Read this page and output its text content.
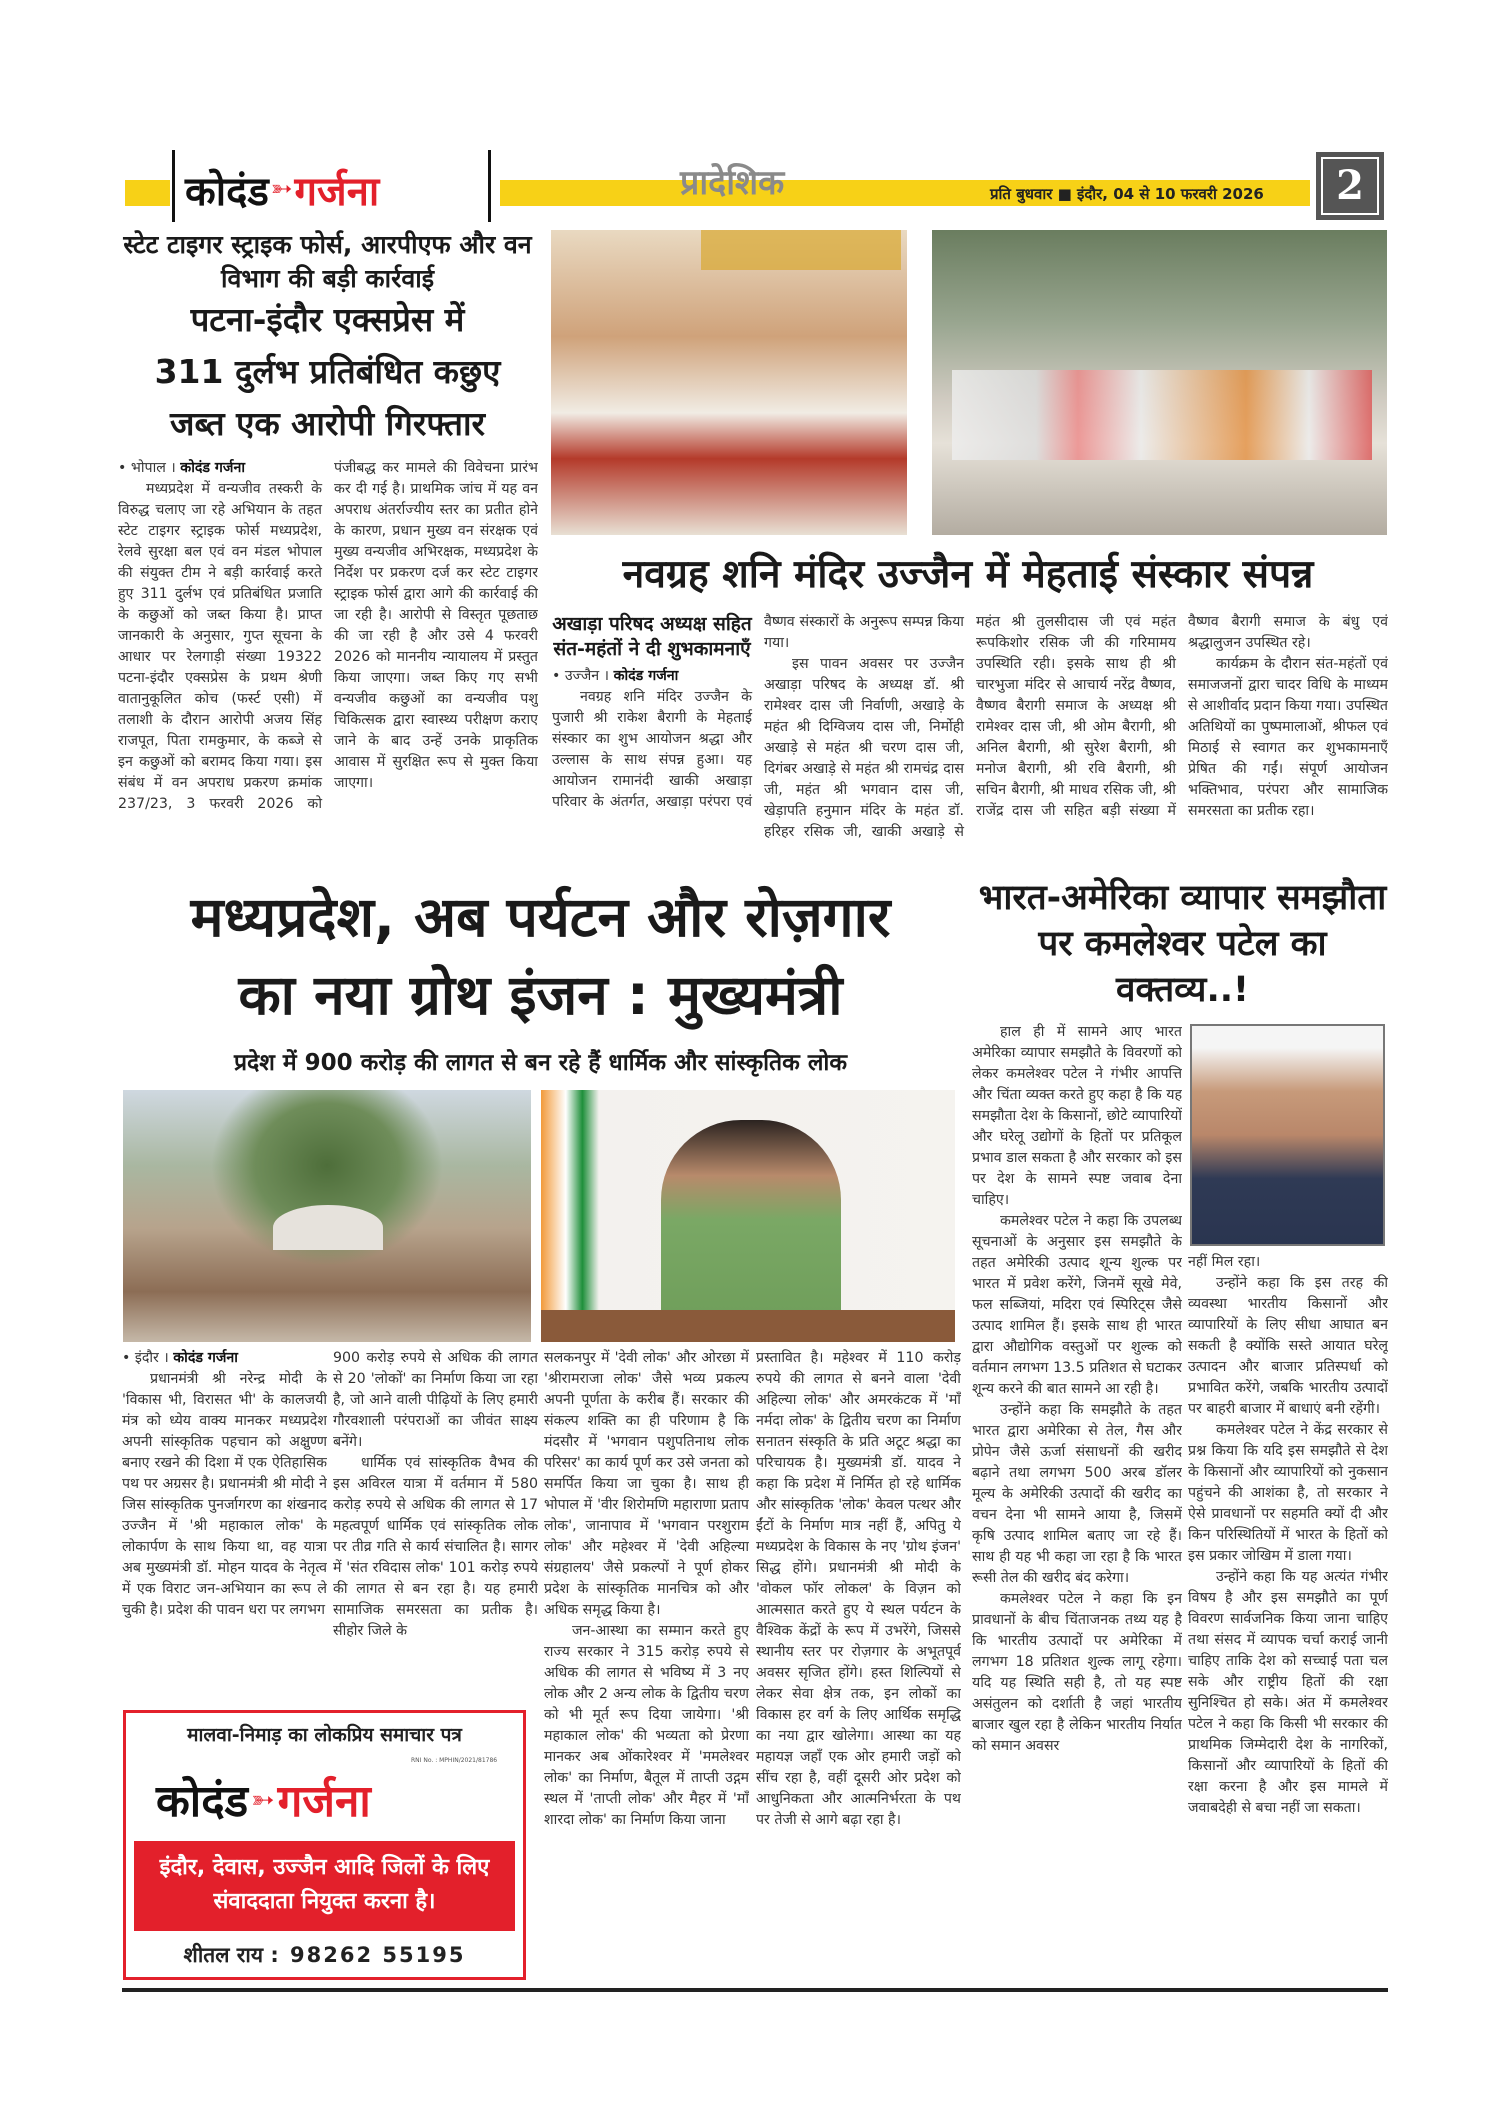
कोदंड ➳ गर्जना	प्रादेशिक	प्रति बुधवार ■ इंदौर, 04 से 10 फरवरी 2026	2
स्टेट टाइगर स्ट्राइक फोर्स, आरपीएफ और वन विभाग की बड़ी कार्रवाई
पटना-इंदौर एक्सप्रेस में
311 दुर्लभ प्रतिबंधित कछुए
जब्त एक आरोपी गिरफ्तार

• भोपाल । कोदंड गर्जना

मध्यप्रदेश में वन्यजीव तस्करी के विरुद्ध चलाए जा रहे अभियान के तहत स्टेट टाइगर स्ट्राइक फोर्स मध्यप्रदेश, रेलवे सुरक्षा बल एवं वन मंडल भोपाल की संयुक्त टीम ने बड़ी कार्रवाई करते हुए 311 दुर्लभ एवं प्रतिबंधित प्रजाति के कछुओं को जब्त किया है। प्राप्त जानकारी के अनुसार, गुप्त सूचना के आधार पर रेलगाड़ी संख्या 19322 पटना-इंदौर एक्सप्रेस के प्रथम श्रेणी वातानुकूलित कोच (फर्स्ट एसी) में तलाशी के दौरान आरोपी अजय सिंह राजपूत, पिता रामकुमार, के कब्जे से इन कछुओं को बरामद किया गया। इस संबंध में वन अपराध प्रकरण क्रमांक 237/23, 3 फरवरी 2026 को पंजीबद्ध कर मामले की विवेचना प्रारंभ कर दी गई है। प्राथमिक जांच में यह वन अपराध अंतर्राज्यीय स्तर का प्रतीत होने के कारण, प्रधान मुख्य वन संरक्षक एवं मुख्य वन्यजीव अभिरक्षक, मध्यप्रदेश के निर्देश पर प्रकरण दर्ज कर स्टेट टाइगर स्ट्राइक फोर्स द्वारा आगे की कार्रवाई की जा रही है। आरोपी से विस्तृत पूछताछ की जा रही है और उसे 4 फरवरी 2026 को माननीय न्यायालय में प्रस्तुत किया जाएगा। जब्त किए गए सभी वन्यजीव कछुओं का वन्यजीव पशु चिकित्सक द्वारा स्वास्थ्य परीक्षण कराए जाने के बाद उन्हें उनके प्राकृतिक आवास में सुरक्षित रूप से मुक्त किया जाएगा।

नवग्रह शनि मंदिर उज्जैन में मेहताई संस्कार संपन्न
अखाड़ा परिषद अध्यक्ष सहित संत-महंतों ने दी शुभकामनाएँ

• उज्जैन । कोदंड गर्जना

नवग्रह शनि मंदिर उज्जैन के पुजारी श्री राकेश बैरागी के मेहताई संस्कार का शुभ आयोजन श्रद्धा और उल्लास के साथ संपन्न हुआ। यह आयोजन रामानंदी खाकी अखाड़ा परिवार के अंतर्गत, अखाड़ा परंपरा एवं वैष्णव संस्कारों के अनुरूप सम्पन्न किया गया।

इस पावन अवसर पर उज्जैन अखाड़ा परिषद के अध्यक्ष डॉ. श्री रामेश्वर दास जी निर्वाणी, अखाड़े के महंत श्री दिग्विजय दास जी, निर्मोही अखाड़े से महंत श्री चरण दास जी, दिगंबर अखाड़े से महंत श्री रामचंद्र दास जी, महंत श्री भगवान दास जी, खेड़ापति हनुमान मंदिर के महंत डॉ. हरिहर रसिक जी, खाकी अखाड़े से महंत श्री तुलसीदास जी एवं महंत रूपकिशोर रसिक जी की गरिमामय उपस्थिति रही। इसके साथ ही श्री चारभुजा मंदिर से आचार्य नरेंद्र वैष्णव, वैष्णव बैरागी समाज के अध्यक्ष श्री रामेश्वर दास जी, श्री ओम बैरागी, श्री अनिल बैरागी, श्री सुरेश बैरागी, श्री मनोज बैरागी, श्री रवि बैरागी, श्री सचिन बैरागी, श्री माधव रसिक जी, श्री राजेंद्र दास जी सहित बड़ी संख्या में वैष्णव बैरागी समाज के बंधु एवं श्रद्धालुजन उपस्थित रहे।

कार्यक्रम के दौरान संत-महंतों एवं समाजजनों द्वारा चादर विधि के माध्यम से आशीर्वाद प्रदान किया गया। उपस्थित अतिथियों का पुष्पमालाओं, श्रीफल एवं मिठाई से स्वागत कर शुभकामनाएँ प्रेषित की गईं। संपूर्ण आयोजन भक्तिभाव, परंपरा और सामाजिक समरसता का प्रतीक रहा।

मध्यप्रदेश, अब पर्यटन और रोज़गार
का नया ग्रोथ इंजन : मुख्यमंत्री
प्रदेश में 900 करोड़ की लागत से बन रहे हैं धार्मिक और सांस्कृतिक लोक

• इंदौर । कोदंड गर्जना

प्रधानमंत्री श्री नरेन्द्र मोदी के 'विकास भी, विरासत भी' के कालजयी मंत्र को ध्येय वाक्य मानकर मध्यप्रदेश अपनी सांस्कृतिक पहचान को अक्षुण्ण बनाए रखने की दिशा में एक ऐतिहासिक पथ पर अग्रसर है। प्रधानमंत्री श्री मोदी ने जिस सांस्कृतिक पुनर्जागरण का शंखनाद उज्जैन में 'श्री महाकाल लोक' के लोकार्पण के साथ किया था, वह यात्रा अब मुख्यमंत्री डॉ. मोहन यादव के नेतृत्व में एक विराट जन-अभियान का रूप ले चुकी है। प्रदेश की पावन धरा पर लगभग

900 करोड़ रुपये से अधिक की लागत से 20 'लोकों' का निर्माण किया जा रहा है, जो आने वाली पीढ़ियों के लिए हमारी गौरवशाली परंपराओं का जीवंत साक्ष्य बनेंगे।

धार्मिक एवं सांस्कृतिक वैभव की इस अविरल यात्रा में वर्तमान में 580 करोड़ रुपये से अधिक की लागत से 17 महत्वपूर्ण धार्मिक एवं सांस्कृतिक लोक पर तीव्र गति से कार्य संचालित है। सागर में 'संत रविदास लोक' 101 करोड़ रुपये की लागत से बन रहा है। यह हमारी सामाजिक समरसता का प्रतीक है। सीहोर जिले के

सलकनपुर में 'देवी लोक' और ओरछा में 'श्रीरामराजा लोक' जैसे भव्य प्रकल्प अपनी पूर्णता के करीब हैं। सरकार की संकल्प शक्ति का ही परिणाम है कि मंदसौर में 'भगवान पशुपतिनाथ लोक परिसर' का कार्य पूर्ण कर उसे जनता को समर्पित किया जा चुका है। साथ ही भोपाल में 'वीर शिरोमणि महाराणा प्रताप लोक', जानापाव में 'भगवान परशुराम लोक' और महेश्वर में 'देवी अहिल्या संग्रहालय' जैसे प्रकल्पों ने पूर्ण होकर प्रदेश के सांस्कृतिक मानचित्र को और अधिक समृद्ध किया है।

जन-आस्था का सम्मान करते हुए राज्य सरकार ने 315 करोड़ रुपये से अधिक की लागत से भविष्य में 3 नए लोक और 2 अन्य लोक के द्वितीय चरण को भी मूर्त रूप दिया जायेगा। 'श्री महाकाल लोक' की भव्यता को प्रेरणा मानकर अब ओंकारेश्वर में 'ममलेश्वर लोक' का निर्माण, बैतूल में ताप्ती उद्गम स्थल में 'ताप्ती लोक' और मैहर में 'माँ शारदा लोक' का निर्माण किया जाना

प्रस्तावित है। महेश्वर में 110 करोड़ रुपये की लागत से बनने वाला 'देवी अहिल्या लोक' और अमरकंटक में 'माँ नर्मदा लोक' के द्वितीय चरण का निर्माण सनातन संस्कृति के प्रति अटूट श्रद्धा का परिचायक है। मुख्यमंत्री डॉ. यादव ने कहा कि प्रदेश में निर्मित हो रहे धार्मिक और सांस्कृतिक 'लोक' केवल पत्थर और ईंटों के निर्माण मात्र नहीं हैं, अपितु ये मध्यप्रदेश के विकास के नए 'ग्रोथ इंजन' सिद्ध होंगे। प्रधानमंत्री श्री मोदी के 'वोकल फॉर लोकल' के विज़न को आत्मसात करते हुए ये स्थल पर्यटन के वैश्विक केंद्रों के रूप में उभरेंगे, जिससे स्थानीय स्तर पर रोज़गार के अभूतपूर्व अवसर सृजित होंगे। हस्त शिल्पियों से लेकर सेवा क्षेत्र तक, इन लोकों का विकास हर वर्ग के लिए आर्थिक समृद्धि का नया द्वार खोलेगा। आस्था का यह महायज्ञ जहाँ एक ओर हमारी जड़ों को सींच रहा है, वहीं दूसरी ओर प्रदेश को आधुनिकता और आत्मनिर्भरता के पथ पर तेजी से आगे बढ़ा रहा है।

मालवा-निमाड़ का लोकप्रिय समाचार पत्र
RNI No. : MPHIN/2021/81786
कोदंड ➳ गर्जना
इंदौर, देवास, उज्जैन आदि जिलों के लिए संवाददाता नियुक्त करना है।
शीतल राय : 98262 55195
भारत-अमेरिका व्यापार समझौता पर कमलेश्वर पटेल का वक्तव्य..!

हाल ही में सामने आए भारत अमेरिका व्यापार समझौते के विवरणों को लेकर कमलेश्वर पटेल ने गंभीर आपत्ति और चिंता व्यक्त करते हुए कहा है कि यह समझौता देश के किसानों, छोटे व्यापारियों और घरेलू उद्योगों के हितों पर प्रतिकूल प्रभाव डाल सकता है और सरकार को इस पर देश के सामने स्पष्ट जवाब देना चाहिए।

कमलेश्वर पटेल ने कहा कि उपलब्ध सूचनाओं के अनुसार इस समझौते के तहत अमेरिकी उत्पाद शून्य शुल्क पर भारत में प्रवेश करेंगे, जिनमें सूखे मेवे, फल सब्जियां, मदिरा एवं स्पिरिट्स जैसे उत्पाद शामिल हैं। इसके साथ ही भारत द्वारा औद्योगिक वस्तुओं पर शुल्क को वर्तमान लगभग 13.5 प्रतिशत से घटाकर शून्य करने की बात सामने आ रही है।

उन्होंने कहा कि समझौते के तहत भारत द्वारा अमेरिका से तेल, गैस और प्रोपेन जैसे ऊर्जा संसाधनों की खरीद बढ़ाने तथा लगभग 500 अरब डॉलर मूल्य के अमेरिकी उत्पादों की खरीद का वचन देना भी सामने आया है, जिसमें कृषि उत्पाद शामिल बताए जा रहे हैं। साथ ही यह भी कहा जा रहा है कि भारत रूसी तेल की खरीद बंद करेगा।

कमलेश्वर पटेल ने कहा कि इन प्रावधानों के बीच चिंताजनक तथ्य यह है कि भारतीय उत्पादों पर अमेरिका में लगभग 18 प्रतिशत शुल्क लागू रहेगा। यदि यह स्थिति सही है, तो यह स्पष्ट असंतुलन को दर्शाती है जहां भारतीय बाजार खुल रहा है लेकिन भारतीय निर्यात को समान अवसर

नहीं मिल रहा।

उन्होंने कहा कि इस तरह की व्यवस्था भारतीय किसानों और व्यापारियों के लिए सीधा आघात बन सकती है क्योंकि सस्ते आयात घरेलू उत्पादन और बाजार प्रतिस्पर्धा को प्रभावित करेंगे, जबकि भारतीय उत्पादों पर बाहरी बाजार में बाधाएं बनी रहेंगी।

कमलेश्वर पटेल ने केंद्र सरकार से प्रश्न किया कि यदि इस समझौते से देश के किसानों और व्यापारियों को नुकसान पहुंचने की आशंका है, तो सरकार ने ऐसे प्रावधानों पर सहमति क्यों दी और किन परिस्थितियों में भारत के हितों को इस प्रकार जोखिम में डाला गया।

उन्होंने कहा कि यह अत्यंत गंभीर विषय है और इस समझौते का पूर्ण विवरण सार्वजनिक किया जाना चाहिए तथा संसद में व्यापक चर्चा कराई जानी चाहिए ताकि देश को सच्चाई पता चल सके और राष्ट्रीय हितों की रक्षा सुनिश्चित हो सके। अंत में कमलेश्वर पटेल ने कहा कि किसी भी सरकार की प्राथमिक जिम्मेदारी देश के नागरिकों, किसानों और व्यापारियों के हितों की रक्षा करना है और इस मामले में जवाबदेही से बचा नहीं जा सकता।
